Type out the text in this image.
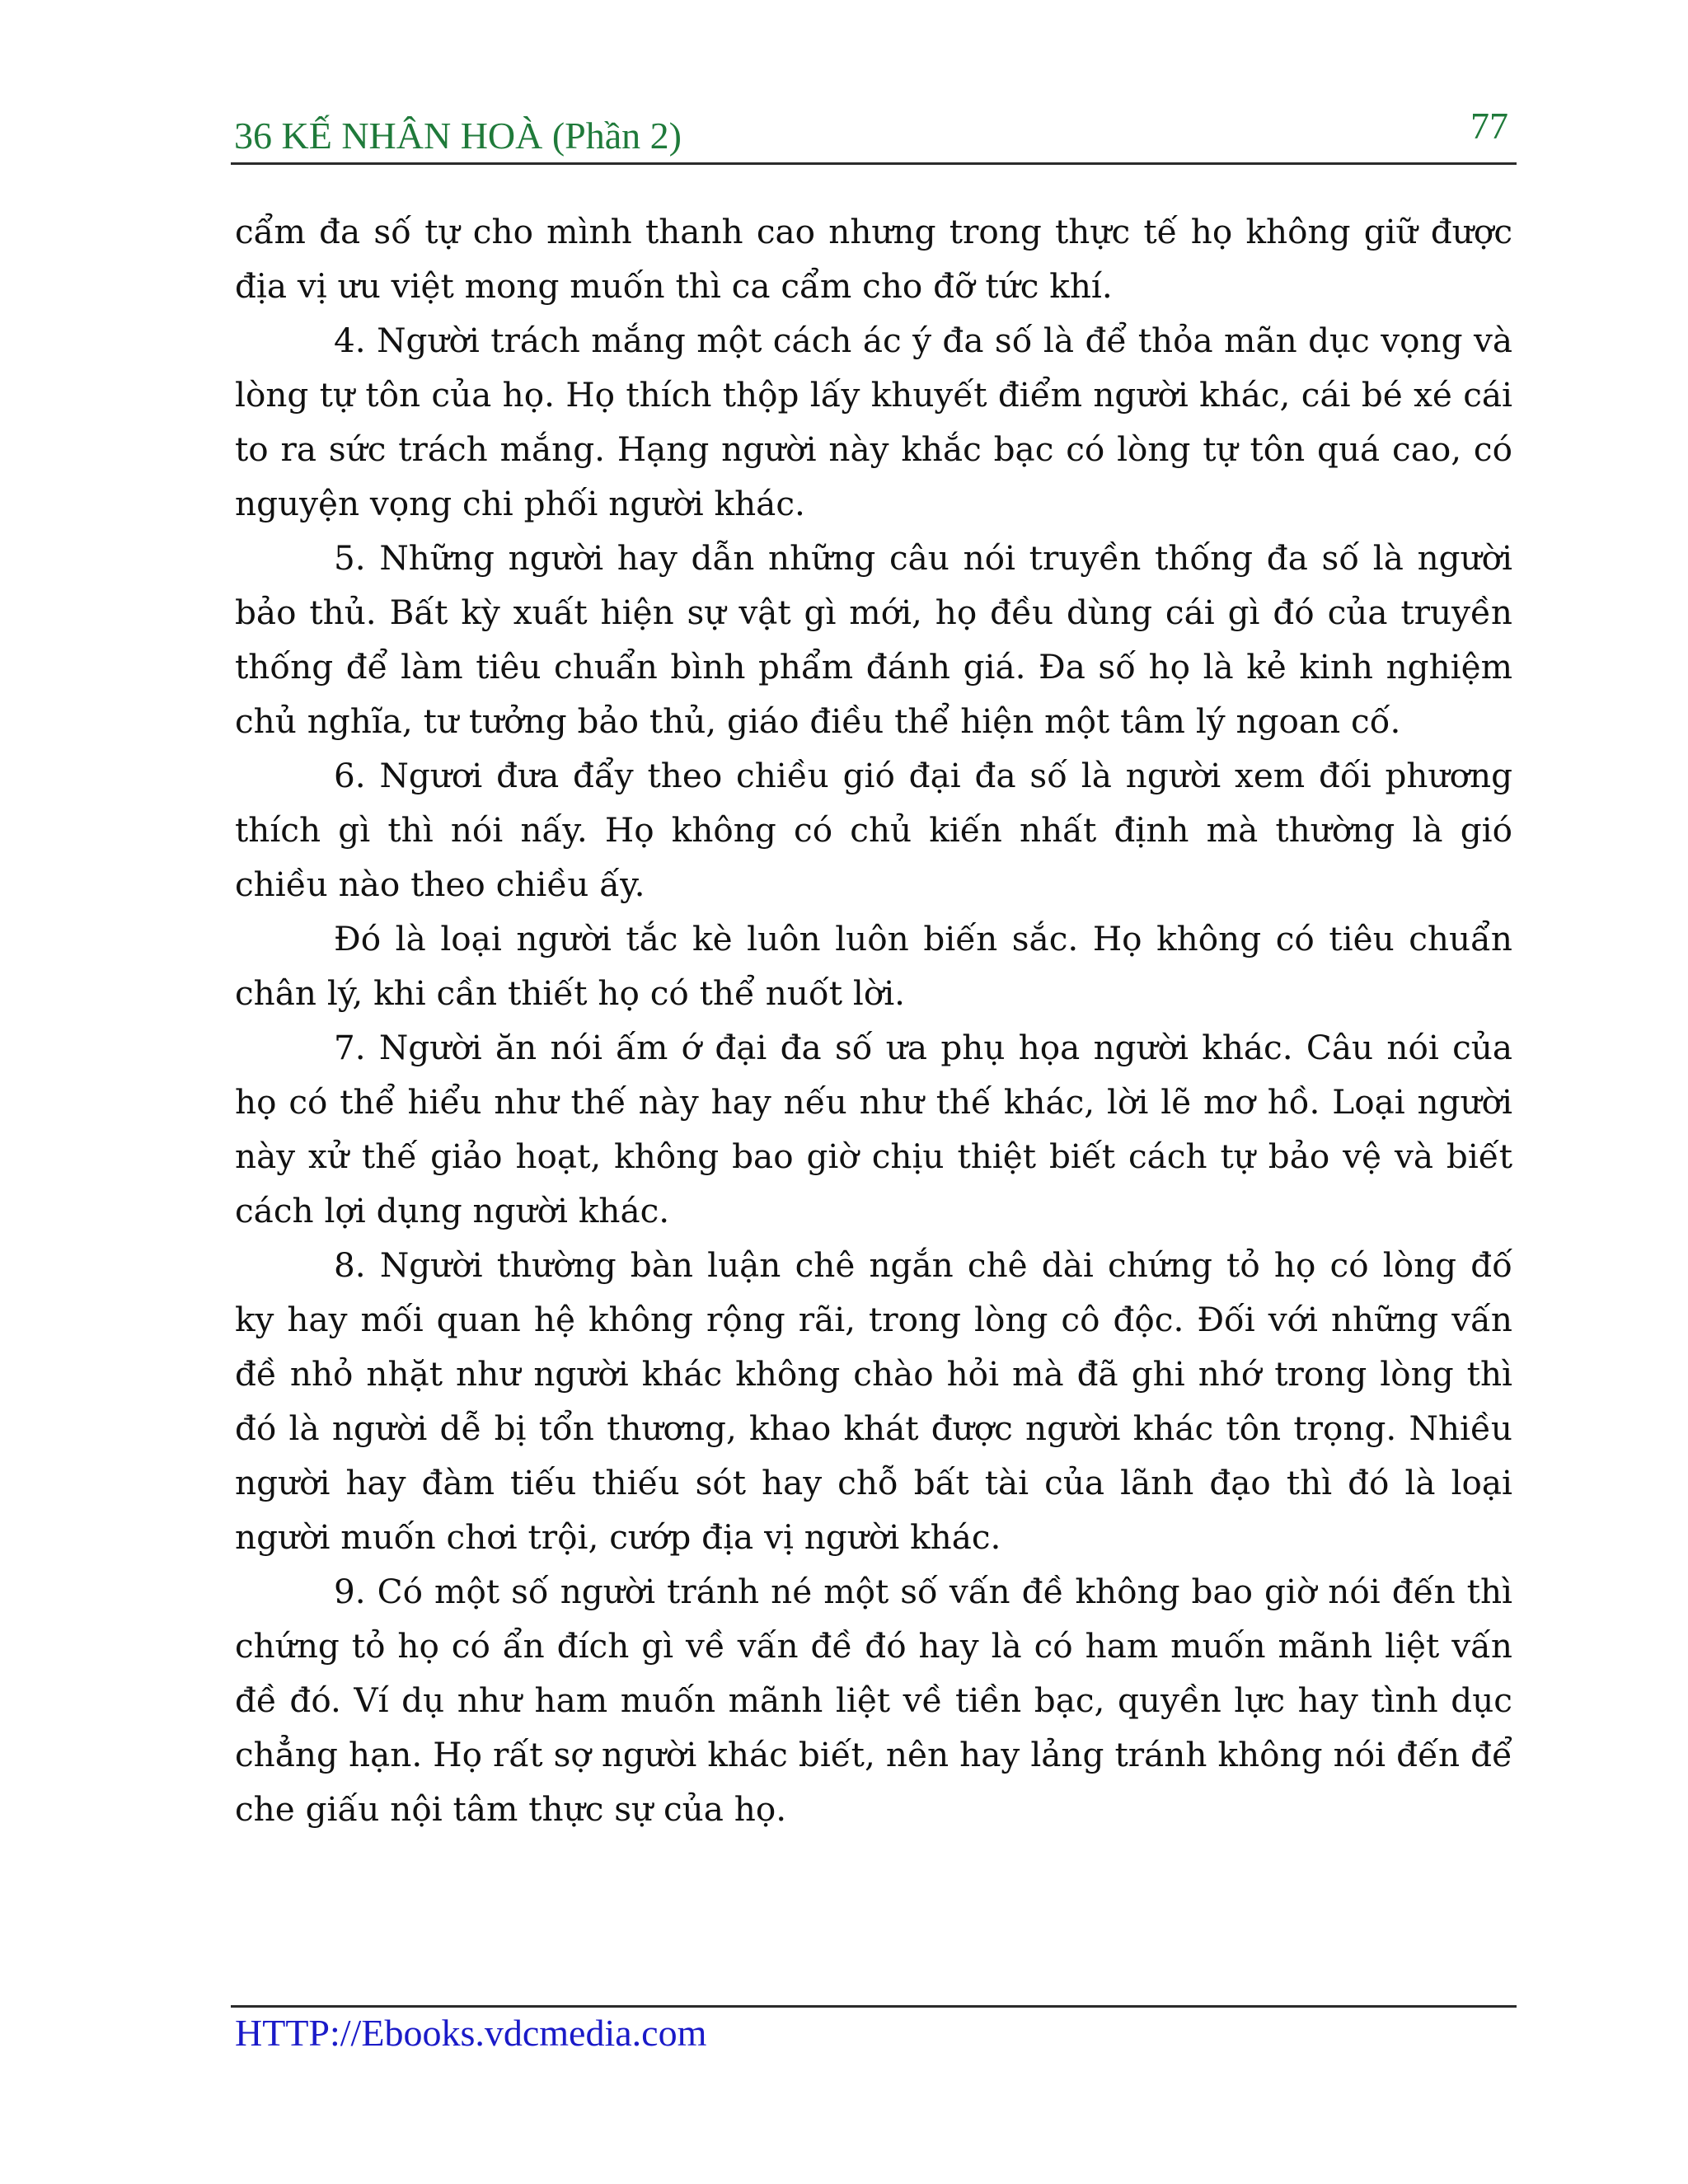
36 KẾ NHÂN HOÀ (Phần 2)	77

cẩm đa số tự cho mình thanh cao nhưng trong thực tế họ không giữ được địa vị ưu việt mong muốn thì ca cẩm cho đỡ tức khí.

4. Người trách mắng một cách ác ý đa số là để thỏa mãn dục vọng và lòng tự tôn của họ. Họ thích thộp lấy khuyết điểm người khác, cái bé xé cái to ra sức trách mắng. Hạng người này khắc bạc có lòng tự tôn quá cao, có nguyện vọng chi phối người khác.

5. Những người hay dẫn những câu nói truyền thống đa số là người bảo thủ. Bất kỳ xuất hiện sự vật gì mới, họ đều dùng cái gì đó của truyền thống để làm tiêu chuẩn bình phẩm đánh giá. Đa số họ là kẻ kinh nghiệm chủ nghĩa, tư tưởng bảo thủ, giáo điều thể hiện một tâm lý ngoan cố.

6. Ngươi đưa đẩy theo chiều gió đại đa số là người xem đối phương thích gì thì nói nấy. Họ không có chủ kiến nhất định mà thường là gió chiều nào theo chiều ấy.

Đó là loại người tắc kè luôn luôn biến sắc. Họ không có tiêu chuẩn chân lý, khi cần thiết họ có thể nuốt lời.

7. Người ăn nói ấm ớ đại đa số ưa phụ họa người khác. Câu nói của họ có thể hiểu như thế này hay nếu như thế khác, lời lẽ mơ hồ. Loại người này xử thế giảo hoạt, không bao giờ chịu thiệt biết cách tự bảo vệ và biết cách lợi dụng người khác.

8. Người thường bàn luận chê ngắn chê dài chứng tỏ họ có lòng đố ky hay mối quan hệ không rộng rãi, trong lòng cô độc. Đối với những vấn đề nhỏ nhặt như người khác không chào hỏi mà đã ghi nhớ trong lòng thì đó là người dễ bị tổn thương, khao khát được người khác tôn trọng. Nhiều người hay đàm tiếu thiếu sót hay chỗ bất tài của lãnh đạo thì đó là loại người muốn chơi trội, cướp địa vị người khác.

9. Có một số người tránh né một số vấn đề không bao giờ nói đến thì chứng tỏ họ có ẩn đích gì về vấn đề đó hay là có ham muốn mãnh liệt vấn đề đó. Ví dụ như ham muốn mãnh liệt về tiền bạc, quyền lực hay tình dục chẳng hạn. Họ rất sợ người khác biết, nên hay lảng tránh không nói đến để che giấu nội tâm thực sự của họ.

HTTP://Ebooks.vdcmedia.com
